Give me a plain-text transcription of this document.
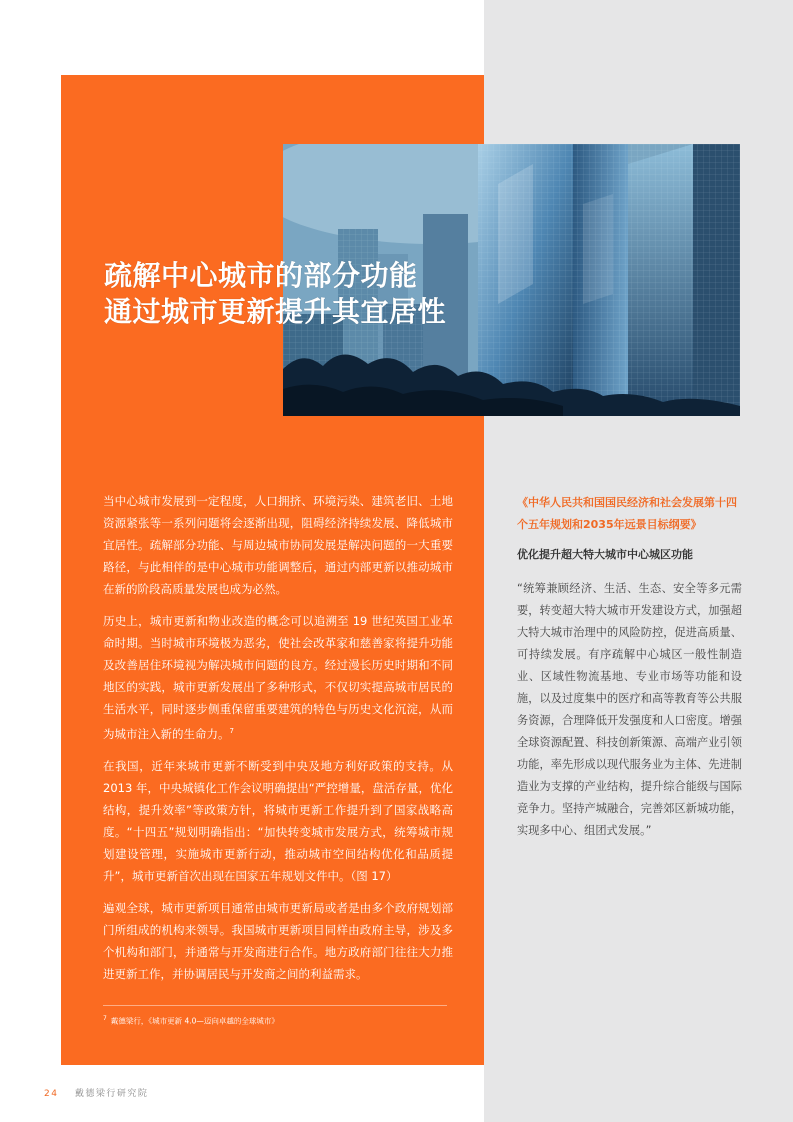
疏解中心城市的部分功能
通过城市更新提升其宜居性

当中心城市发展到一定程度，人口拥挤、环境污染、建筑老旧、土地资源紧张等一系列问题将会逐渐出现，阻碍经济持续发展、降低城市宜居性。疏解部分功能、与周边城市协同发展是解决问题的一大重要路径，与此相伴的是中心城市功能调整后，通过内部更新以推动城市在新的阶段高质量发展也成为必然。

历史上，城市更新和物业改造的概念可以追溯至 19 世纪英国工业革命时期。当时城市环境极为恶劣，使社会改革家和慈善家将提升功能及改善居住环境视为解决城市问题的良方。经过漫长历史时期和不同地区的实践，城市更新发展出了多种形式，不仅切实提高城市居民的生活水平，同时逐步侧重保留重要建筑的特色与历史文化沉淀，从而为城市注入新的生命力。$^7$

在我国，近年来城市更新不断受到中央及地方利好政策的支持。从 2013 年，中央城镇化工作会议明确提出“严控增量，盘活存量，优化结构，提升效率”等政策方针，将城市更新工作提升到了国家战略高度。“十四五”规划明确指出：“加快转变城市发展方式，统筹城市规划建设管理，实施城市更新行动，推动城市空间结构优化和品质提升”，城市更新首次出现在国家五年规划文件中。（图 17）

遍观全球，城市更新项目通常由城市更新局或者是由多个政府规划部门所组成的机构来领导。我国城市更新项目同样由政府主导，涉及多个机构和部门，并通常与开发商进行合作。地方政府部门往往大力推进更新工作，并协调居民与开发商之间的利益需求。

$^7$ 戴德梁行，《城市更新 4.0—迈向卓越的全球城市》

《中华人民共和国国民经济和社会发展第十四个五年规划和2035年远景目标纲要》

优化提升超大特大城市中心城区功能

“统筹兼顾经济、生活、生态、安全等多元需要，转变超大特大城市开发建设方式，加强超大特大城市治理中的风险防控，促进高质量、可持续发展。有序疏解中心城区一般性制造业、区域性物流基地、专业市场等功能和设施，以及过度集中的医疗和高等教育等公共服务资源，合理降低开发强度和人口密度。增强全球资源配置、科技创新策源、高端产业引领功能，率先形成以现代服务业为主体、先进制造业为支撑的产业结构，提升综合能级与国际竞争力。坚持产城融合，完善郊区新城功能，实现多中心、组团式发展。”

24 戴德梁行研究院
